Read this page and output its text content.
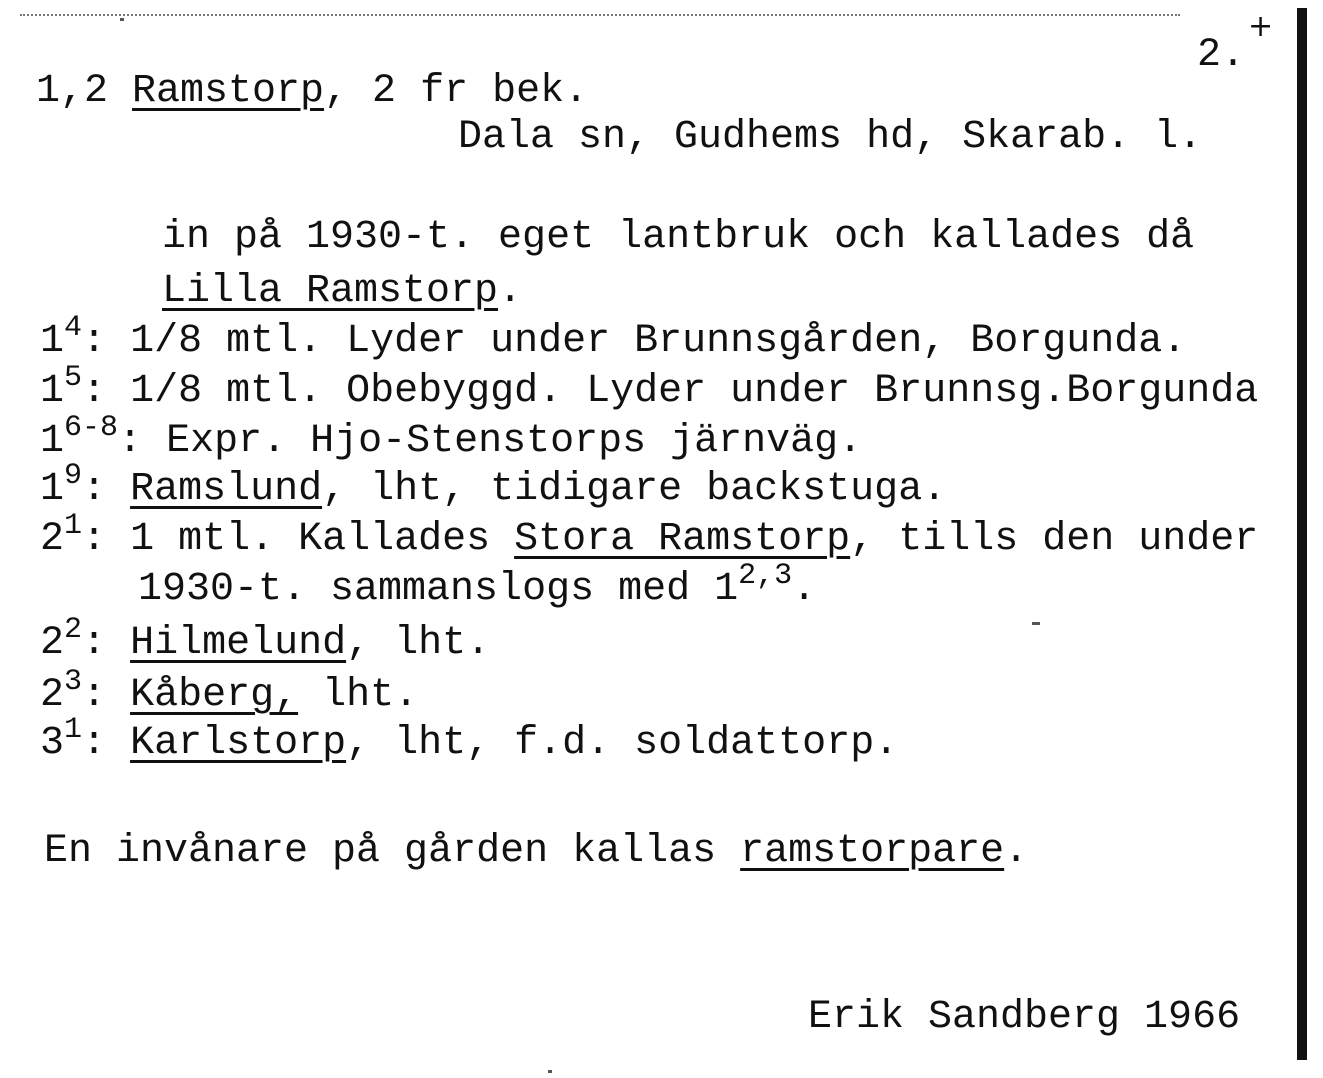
+
2.
1,2 Ramstorp, 2 fr bek.
Dala sn, Gudhems hd, Skarab. l.
in på 1930-t. eget lantbruk och kallades då
Lilla Ramstorp.
$1^4$: 1/8 mtl. Lyder under Brunnsgården, Borgunda.
$1^5$: 1/8 mtl. Obebyggd. Lyder under Brunnsg.Borgunda
1$^{6-8}$: Expr. Hjo-Stenstorps järnväg.
$1^9$: Ramslund, lht, tidigare backstuga.
$2^1$: 1 mtl. Kallades Stora Ramstorp, tills den under
1930-t. sammanslogs med 1$^{2,3}$.
$2^2$: Hilmelund, lht.
$2^3$: Kåberg, lht.
$3^1$: Karlstorp, lht, f.d. soldattorp.
En invånare på gården kallas ramstorpare.
Erik Sandberg 1966
